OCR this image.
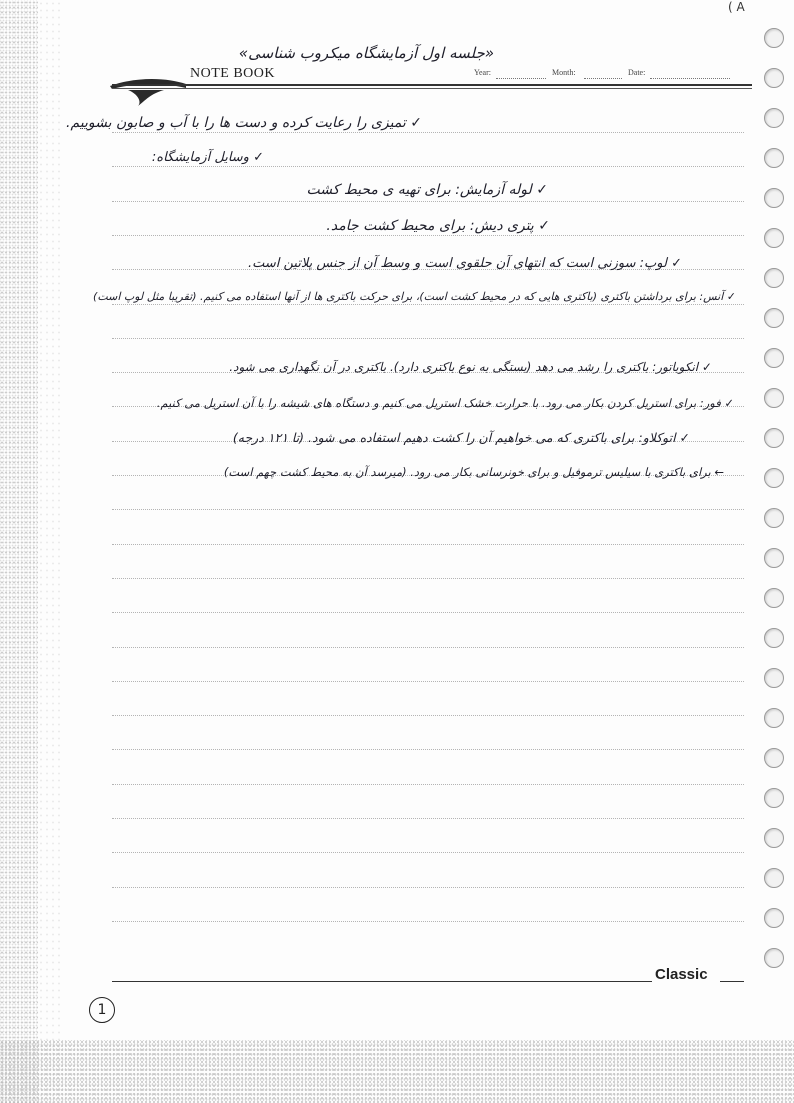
( A
NOTE BOOK
«جلسه اول آزمایشگاه میکروب شناسی»
Year:	Month:	Date:
✓ تمیزی را رعایت کرده و دست ها را با آب و صابون بشوییم.
✓ وسایل آزمایشگاه:
✓ لوله آزمایش: برای تهیه ی محیط کشت
✓ پتری دیش: برای محیط کشت جامد.
✓ لوپ: سوزنی است که انتهای آن حلقوی است و وسط آن از جنس پلاتین است.
✓ آنس: برای برداشتن باکتری (باکتری هایی که در محیط کشت است)، برای حرکت باکتری ها از آنها استفاده می کنیم. (تقریبا مثل لوپ است)
✓ انکوباتور: باکتری را رشد می دهد (بستگی به نوع باکتری دارد). باکتری در آن نگهداری می شود.
✓ فور: برای استریل کردن بکار می رود. با حرارت خشک استریل می کنیم و دستگاه های شیشه را با آن استریل می کنیم.
✓ اتوکلاو: برای باکتری که می خواهیم آن را کشت دهیم استفاده می شود. (تا ۱۲۱ درجه)
← برای باکتری با سیلیس ترموفیل و برای خونرسانی بکار می رود. (میرسد آن به محیط کشت چهم است)
Classic
1
